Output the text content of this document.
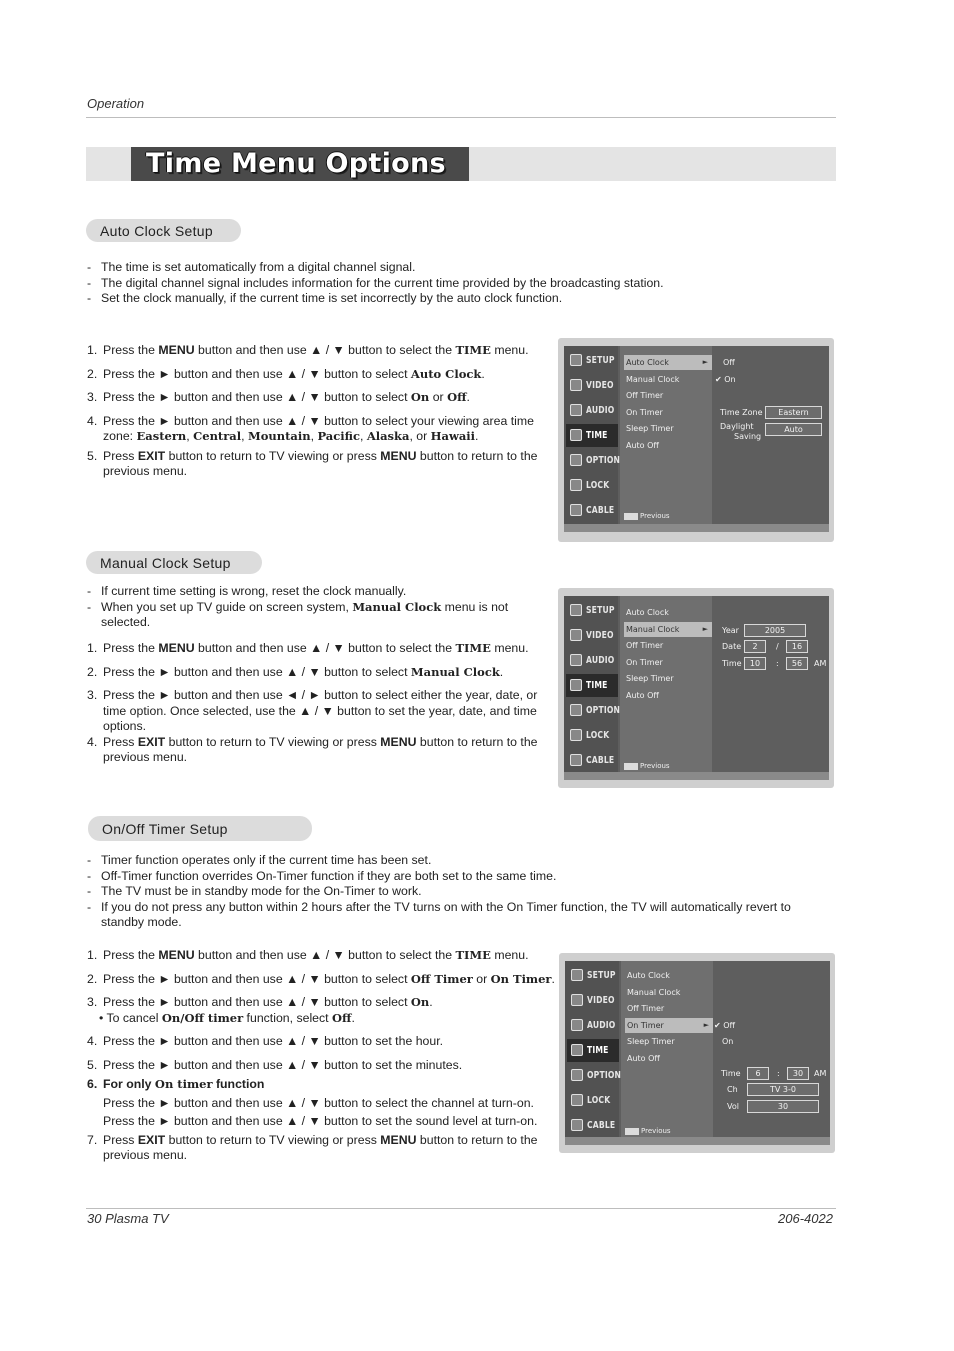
Operation
Time Menu Options
Auto Clock Setup
- The time is set automatically from a digital channel signal.
- The digital channel signal includes information for the current time provided by the broadcasting station.
- Set the clock manually, if the current time is set incorrectly by the auto clock function.
1. Press the MENU button and then use ▲ / ▼ button to select the TIME menu.
2. Press the ► button and then use ▲ / ▼ button to select Auto Clock.
3. Press the ► button and then use ▲ / ▼ button to select On or Off.
4. Press the ► button and then use ▲ / ▼ button to select your viewing area time zone: Eastern, Central, Mountain, Pacific, Alaska, or Hawaii.
5. Press EXIT button to return to TV viewing or press MENU button to return to the previous menu.
SETUP
VIDEO
AUDIO
TIME
OPTION
LOCK
CABLE
Auto Clock	►
Manual Clock
Off Timer
On Timer
Sleep Timer
Auto Off
Off
✔ On
Time Zone	Eastern
Daylight
Saving
Auto
Previous
Manual Clock Setup
- If current time setting is wrong, reset the clock manually.
- When you set up TV guide on screen system, Manual Clock menu is not selected.
1. Press the MENU button and then use ▲ / ▼ button to select the TIME menu.
2. Press the ► button and then use ▲ / ▼ button to select Manual Clock.
3. Press the ► button and then use ◄ / ► button to select either the year, date, or time option. Once selected, use the ▲ / ▼ button to set the year, date, and time options.
4. Press EXIT button to return to TV viewing or press MENU button to return to the previous menu.
SETUP
VIDEO
AUDIO
TIME
OPTION
LOCK
CABLE
Auto Clock
Manual Clock	►
Off Timer
On Timer
Sleep Timer
Auto Off
Year	2005
Date	2	/	16
Time	10	:	56	AM
Previous
On/Off Timer Setup
- Timer function operates only if the current time has been set.
- Off-Timer function overrides On-Timer function if they are both set to the same time.
- The TV must be in standby mode for the On-Timer to work.
- If you do not press any button within 2 hours after the TV turns on with the On Timer function, the TV will automatically revert to standby mode.
1. Press the MENU button and then use ▲ / ▼ button to select the TIME menu.
2. Press the ► button and then use ▲ / ▼ button to select Off Timer or On Timer.
3. Press the ► button and then use ▲ / ▼ button to select On.
• To cancel On/Off timer function, select Off.
4. Press the ► button and then use ▲ / ▼ button to set the hour.
5. Press the ► button and then use ▲ / ▼ button to set the minutes.
6. For only On timer function
Press the ► button and then use ▲ / ▼ button to select the channel at turn-on.
Press the ► button and then use ▲ / ▼ button to set the sound level at turn-on.
7. Press EXIT button to return to TV viewing or press MENU button to return to the previous menu.
SETUP
VIDEO
AUDIO
TIME
OPTION
LOCK
CABLE
Auto Clock
Manual Clock
Off Timer
On Timer	►
Sleep Timer
Auto Off
✔ Off
On
Time	6	:	30	AM
Ch	TV 3-0
Vol	30
Previous
30 Plasma TV	206-4022
